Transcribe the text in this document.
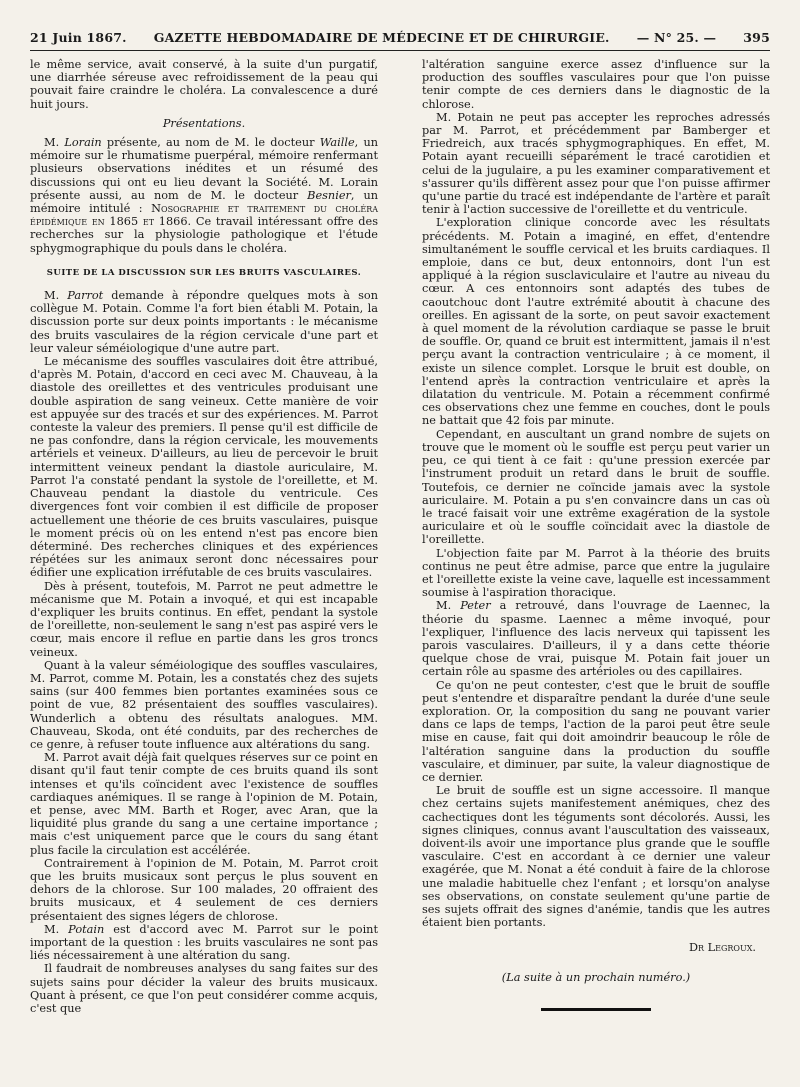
21 Juin 1867. GAZETTE HEBDOMADAIRE DE MÉDECINE ET DE CHIRURGIE. — N° 25. — 395

le même service, avait conservé, à la suite d'un purgatif, une diarrhée séreuse avec refroidissement de la peau qui pouvait faire craindre le choléra. La convalescence a duré huit jours.

Présentations.

M. Lorain présente, au nom de M. le docteur Waille, un mémoire sur le rhumatisme puerpéral, mémoire renfermant plusieurs observations inédites et un résumé des discussions qui ont eu lieu devant la Société. M. Lorain présente aussi, au nom de M. le docteur Besnier, un mémoire intitulé : Nosographie et traitement du choléra épidémique en 1865 et 1866. Ce travail intéressant offre des recherches sur la physiologie pathologique et l'étude sphygmographique du pouls dans le choléra.

SUITE DE LA DISCUSSION SUR LES BRUITS VASCULAIRES.

M. Parrot demande à répondre quelques mots à son collègue M. Potain. Comme l'a fort bien établi M. Potain, la discussion porte sur deux points importants : le mécanisme des bruits vasculaires de la région cervicale d'une part et leur valeur séméiologique d'une autre part.

Le mécanisme des souffles vasculaires doit être attribué, d'après M. Potain, d'accord en ceci avec M. Chauveau, à la diastole des oreillettes et des ventricules produisant une double aspiration de sang veineux. Cette manière de voir est appuyée sur des tracés et sur des expériences. M. Parrot conteste la valeur des premiers. Il pense qu'il est difficile de ne pas confondre, dans la région cervicale, les mouvements artériels et veineux. D'ailleurs, au lieu de percevoir le bruit intermittent veineux pendant la diastole auriculaire, M. Parrot l'a constaté pendant la systole de l'oreillette, et M. Chauveau pendant la diastole du ventricule. Ces divergences font voir combien il est difficile de proposer actuellement une théorie de ces bruits vasculaires, puisque le moment précis où on les entend n'est pas encore bien déterminé. Des recherches cliniques et des expériences répétées sur les animaux seront donc nécessaires pour édifier une explication irréfutable de ces bruits vasculaires.

Dès à présent, toutefois, M. Parrot ne peut admettre le mécanisme que M. Potain a invoqué, et qui est incapable d'expliquer les bruits continus. En effet, pendant la systole de l'oreillette, non-seulement le sang n'est pas aspiré vers le cœur, mais encore il reflue en partie dans les gros troncs veineux.

Quant à la valeur séméiologique des souffles vasculaires, M. Parrot, comme M. Potain, les a constatés chez des sujets sains (sur 400 femmes bien portantes examinées sous ce point de vue, 82 présentaient des souffles vasculaires). Wunderlich a obtenu des résultats analogues. MM. Chauveau, Skoda, ont été conduits, par des recherches de ce genre, à refuser toute influence aux altérations du sang.

M. Parrot avait déjà fait quelques réserves sur ce point en disant qu'il faut tenir compte de ces bruits quand ils sont intenses et qu'ils coïncident avec l'existence de souffles cardiaques anémiques. Il se range à l'opinion de M. Potain, et pense, avec MM. Barth et Roger, avec Aran, que la liquidité plus grande du sang a une certaine importance ; mais c'est uniquement parce que le cours du sang étant plus facile la circulation est accélérée.

Contrairement à l'opinion de M. Potain, M. Parrot croit que les bruits musicaux sont perçus le plus souvent en dehors de la chlorose. Sur 100 malades, 20 offraient des bruits musicaux, et 4 seulement de ces derniers présentaient des signes légers de chlorose.

M. Potain est d'accord avec M. Parrot sur le point important de la question : les bruits vasculaires ne sont pas liés nécessairement à une altération du sang.

Il faudrait de nombreuses analyses du sang faites sur des sujets sains pour décider la valeur des bruits musicaux. Quant à présent, ce que l'on peut considérer comme acquis, c'est que

l'altération sanguine exerce assez d'influence sur la production des souffles vasculaires pour que l'on puisse tenir compte de ces derniers dans le diagnostic de la chlorose.

M. Potain ne peut pas accepter les reproches adressés par M. Parrot, et précédemment par Bamberger et Friedreich, aux tracés sphygmographiques. En effet, M. Potain ayant recueilli séparément le tracé carotidien et celui de la jugulaire, a pu les examiner comparativement et s'assurer qu'ils diffèrent assez pour que l'on puisse affirmer qu'une partie du tracé est indépendante de l'artère et paraît tenir à l'action successive de l'oreillette et du ventricule.

L'exploration clinique concorde avec les résultats précédents. M. Potain a imaginé, en effet, d'entendre simultanément le souffle cervical et les bruits cardiaques. Il emploie, dans ce but, deux entonnoirs, dont l'un est appliqué à la région susclaviculaire et l'autre au niveau du cœur. A ces entonnoirs sont adaptés des tubes de caoutchouc dont l'autre extrémité aboutit à chacune des oreilles. En agissant de la sorte, on peut savoir exactement à quel moment de la révolution cardiaque se passe le bruit de souffle. Or, quand ce bruit est intermittent, jamais il n'est perçu avant la contraction ventriculaire ; à ce moment, il existe un silence complet. Lorsque le bruit est double, on l'entend après la contraction ventriculaire et après la dilatation du ventricule. M. Potain a récemment confirmé ces observations chez une femme en couches, dont le pouls ne battait que 42 fois par minute.

Cependant, en auscultant un grand nombre de sujets on trouve que le moment où le souffle est perçu peut varier un peu, ce qui tient à ce fait : qu'une pression exercée par l'instrument produit un retard dans le bruit de souffle. Toutefois, ce dernier ne coïncide jamais avec la systole auriculaire. M. Potain a pu s'en convaincre dans un cas où le tracé faisait voir une extrême exagération de la systole auriculaire et où le souffle coïncidait avec la diastole de l'oreillette.

L'objection faite par M. Parrot à la théorie des bruits continus ne peut être admise, parce que entre la jugulaire et l'oreillette existe la veine cave, laquelle est incessamment soumise à l'aspiration thoracique.

M. Peter a retrouvé, dans l'ouvrage de Laennec, la théorie du spasme. Laennec a même invoqué, pour l'expliquer, l'influence des lacis nerveux qui tapissent les parois vasculaires. D'ailleurs, il y a dans cette théorie quelque chose de vrai, puisque M. Potain fait jouer un certain rôle au spasme des artérioles ou des capillaires.

Ce qu'on ne peut contester, c'est que le bruit de souffle peut s'entendre et disparaître pendant la durée d'une seule exploration. Or, la composition du sang ne pouvant varier dans ce laps de temps, l'action de la paroi peut être seule mise en cause, fait qui doit amoindrir beaucoup le rôle de l'altération sanguine dans la production du souffle vasculaire, et diminuer, par suite, la valeur diagnostique de ce dernier.

Le bruit de souffle est un signe accessoire. Il manque chez certains sujets manifestement anémiques, chez des cachectiques dont les téguments sont décolorés. Aussi, les signes cliniques, connus avant l'auscultation des vaisseaux, doivent-ils avoir une importance plus grande que le souffle vasculaire. C'est en accordant à ce dernier une valeur exagérée, que M. Nonat a été conduit à faire de la chlorose une maladie habituelle chez l'enfant ; et lorsqu'on analyse ses observations, on constate seulement qu'une partie de ses sujets offrait des signes d'anémie, tandis que les autres étaient bien portants.

Dr Legroux.
(La suite à un prochain numéro.)
